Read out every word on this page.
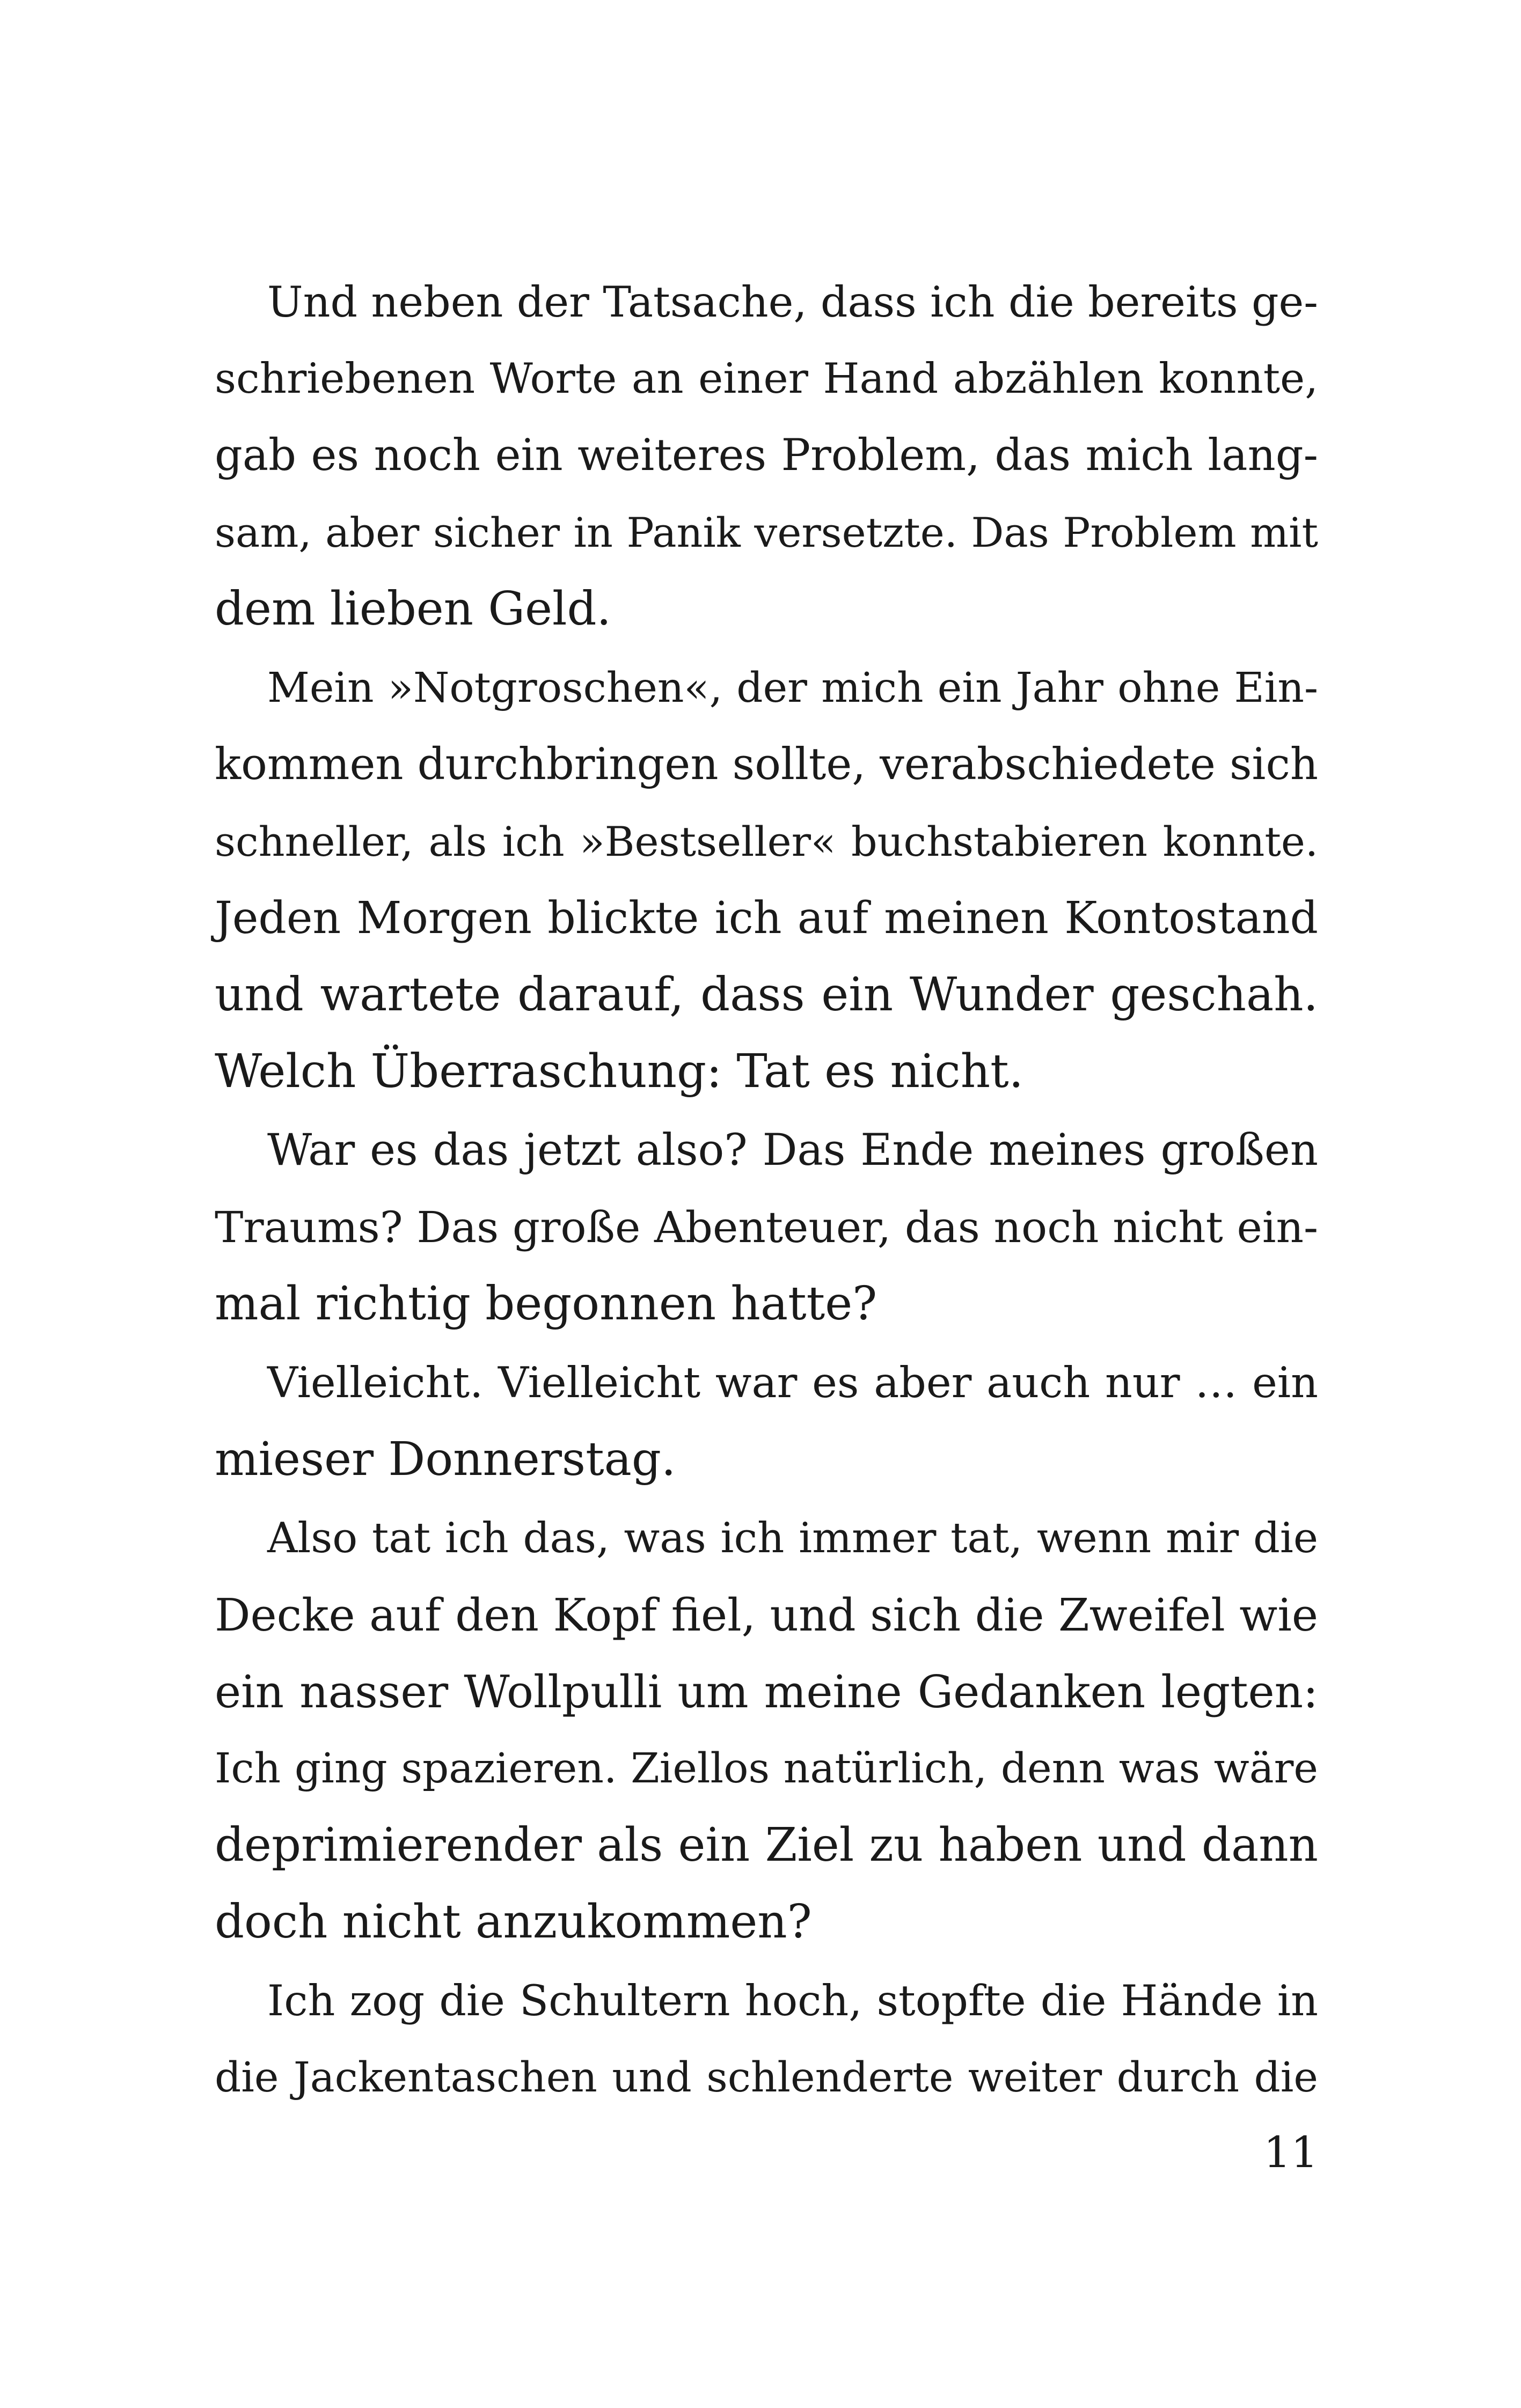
Und neben der Tatsache, dass ich die bereits ge-
schriebenen Worte an einer Hand abzählen konnte,
gab es noch ein weiteres Problem, das mich lang-
sam, aber sicher in Panik versetzte. Das Problem mit
dem lieben Geld.
Mein »Notgroschen«, der mich ein Jahr ohne Ein-
kommen durchbringen sollte, verabschiedete sich
schneller, als ich »Bestseller« buchstabieren konnte.
Jeden Morgen blickte ich auf meinen Kontostand
und wartete darauf, dass ein Wunder geschah.
Welch Überraschung: Tat es nicht.
War es das jetzt also? Das Ende meines großen
Traums? Das große Abenteuer, das noch nicht ein-
mal richtig begonnen hatte?
Vielleicht. Vielleicht war es aber auch nur … ein
mieser Donnerstag.
Also tat ich das, was ich immer tat, wenn mir die
Decke auf den Kopf fiel, und sich die Zweifel wie
ein nasser Wollpulli um meine Gedanken legten:
Ich ging spazieren. Ziellos natürlich, denn was wäre
deprimierender als ein Ziel zu haben und dann
doch nicht anzukommen?
Ich zog die Schultern hoch, stopfte die Hände in
die Jackentaschen und schlenderte weiter durch die
11
